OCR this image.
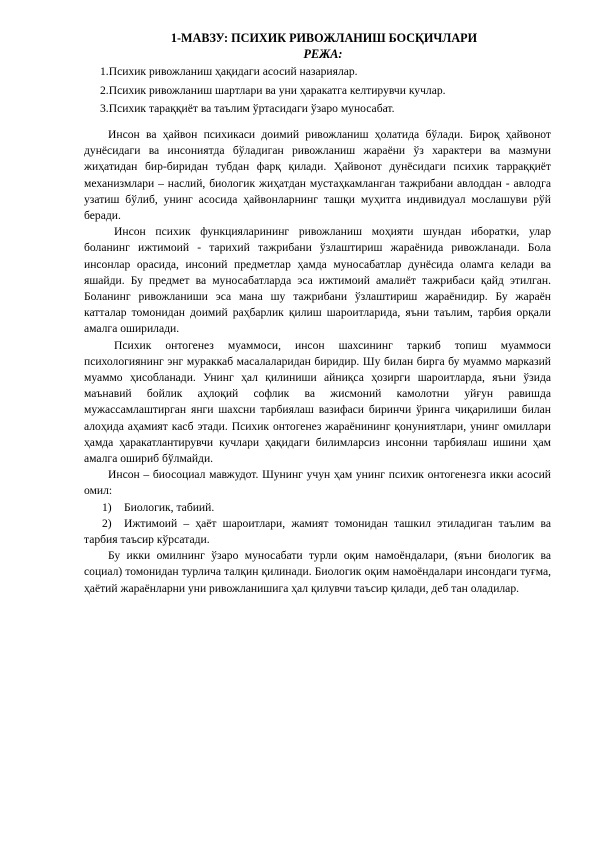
1-МАВЗУ: ПСИХИК РИВОЖЛАНИШ БОСҚИЧЛАРИ
РЕЖА:
1.Психик ривожланиш ҳақидаги асосий назариялар.
2.Психик ривожланиш шартлари ва уни ҳаракатга келтирувчи кучлар.
3.Психик тараққиёт ва таълим ўртасидаги ўзаро муносабат.

Инсон ва ҳайвон психикаси доимий ривожланиш ҳолатида бўлади. Бироқ ҳайвонот дунёсидаги ва инсониятда бўладиган ривожланиш жараёни ўз характери ва мазмуни жиҳатидан бир-биридан тубдан фарқ қилади. Ҳайвонот дунёсидаги психик тарраққиёт механизмлари – наслий, биологик жиҳатдан мустаҳкамланган тажрибани авлоддан - авлодга узатиш бўлиб, унинг асосида ҳайвонларнинг ташқи муҳитга индивидуал мослашуви рўй беради.

Инсон психик функцияларининг ривожланиш моҳияти шундан иборатки, улар боланинг ижтимоий - тарихий тажрибани ўзлаштириш жараёнида ривожланади. Бола инсонлар орасида, инсоний предметлар ҳамда муносабатлар дунёсида оламга келади ва яшайди. Бу предмет ва муносабатларда эса ижтимоий амалиёт тажрибаси қайд этилган. Боланинг ривожланиши эса мана шу тажрибани ўзлаштириш жараёнидир. Бу жараён катталар томонидан доимий раҳбарлик қилиш шароитларида, яъни таълим, тарбия орқали амалга оширилади.

Психик онтогенез муаммоси, инсон шахсининг таркиб топиш муаммоси психологиянинг энг мураккаб масалаларидан биридир. Шу билан бирга бу муаммо марказий муаммо ҳисобланади. Унинг ҳал қилиниши айниқса ҳозирги шароитларда, яъни ўзида маънавий бойлик аҳлоқий софлик ва жисмоний камолотни уйғун равишда мужассамлаштирган янги шахсни тарбиялаш вазифаси биринчи ўринга чиқарилиши билан алоҳида аҳамият касб этади. Психик онтогенез жараёнининг қонуниятлари, унинг омиллари ҳамда ҳаракатлантирувчи кучлари ҳақидаги билимларсиз инсонни тарбиялаш ишини ҳам амалга ошириб бўлмайди.

Инсон – биосоциал мавжудот. Шунинг учун ҳам унинг психик онтогенезга икки асосий омил:

1) Биологик, табиий.

2) Ижтимоий – ҳаёт шароитлари, жамият томонидан ташкил этиладиган таълим ва тарбия таъсир кўрсатади.

Бу икки омилнинг ўзаро муносабати турли оқим намоёндалари, (яъни биологик ва социал) томонидан турлича талқин қилинади. Биологик оқим намоёндалари инсондаги туғма, ҳаётий жараёнларни уни ривожланишига ҳал қилувчи таъсир қилади, деб тан оладилар.
